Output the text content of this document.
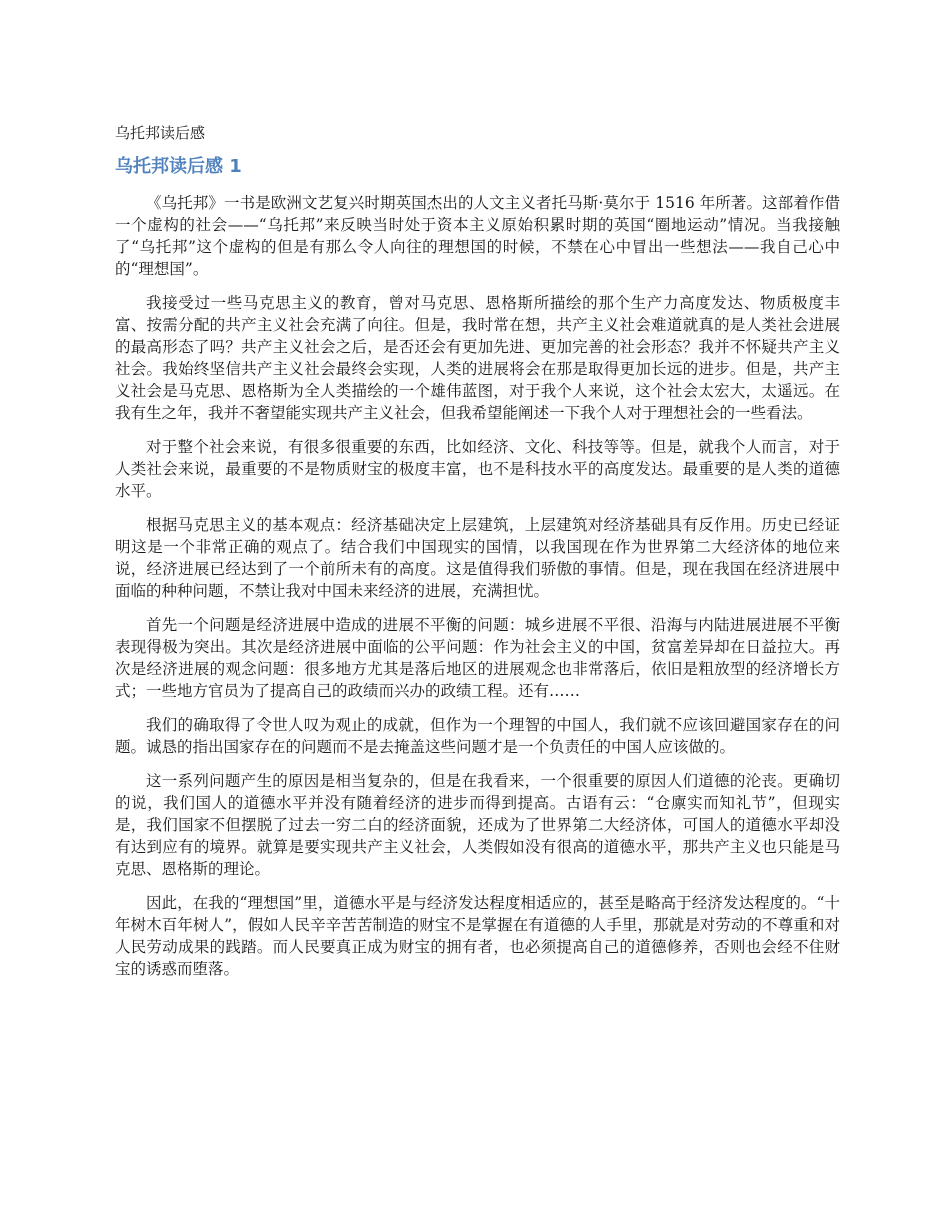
乌托邦读后感
乌托邦读后感 1

《乌托邦》一书是欧洲文艺复兴时期英国杰出的人文主义者托马斯·莫尔于 1516 年所著。这部着作借一个虚构的社会——“乌托邦”来反映当时处于资本主义原始积累时期的英国“圈地运动”情况。当我接触了“乌托邦”这个虚构的但是有那么令人向往的理想国的时候，不禁在心中冒出一些想法——我自己心中的“理想国”。

我接受过一些马克思主义的教育，曾对马克思、恩格斯所描绘的那个生产力高度发达、物质极度丰富、按需分配的共产主义社会充满了向往。但是，我时常在想，共产主义社会难道就真的是人类社会进展的最高形态了吗？共产主义社会之后，是否还会有更加先进、更加完善的社会形态？我并不怀疑共产主义社会。我始终坚信共产主义社会最终会实现，人类的进展将会在那是取得更加长远的进步。但是，共产主义社会是马克思、恩格斯为全人类描绘的一个雄伟蓝图，对于我个人来说，这个社会太宏大，太遥远。在我有生之年，我并不奢望能实现共产主义社会，但我希望能阐述一下我个人对于理想社会的一些看法。

对于整个社会来说，有很多很重要的东西，比如经济、文化、科技等等。但是，就我个人而言，对于人类社会来说，最重要的不是物质财宝的极度丰富，也不是科技水平的高度发达。最重要的是人类的道德水平。

根据马克思主义的基本观点：经济基础决定上层建筑，上层建筑对经济基础具有反作用。历史已经证明这是一个非常正确的观点了。结合我们中国现实的国情，以我国现在作为世界第二大经济体的地位来说，经济进展已经达到了一个前所未有的高度。这是值得我们骄傲的事情。但是，现在我国在经济进展中面临的种种问题，不禁让我对中国未来经济的进展，充满担忧。

首先一个问题是经济进展中造成的进展不平衡的问题：城乡进展不平很、沿海与内陆进展进展不平衡表现得极为突出。其次是经济进展中面临的公平问题：作为社会主义的中国，贫富差异却在日益拉大。再次是经济进展的观念问题：很多地方尤其是落后地区的进展观念也非常落后，依旧是粗放型的经济增长方式；一些地方官员为了提高自己的政绩而兴办的政绩工程。还有……

我们的确取得了令世人叹为观止的成就，但作为一个理智的中国人，我们就不应该回避国家存在的问题。诚恳的指出国家存在的问题而不是去掩盖这些问题才是一个负责任的中国人应该做的。

这一系列问题产生的原因是相当复杂的，但是在我看来，一个很重要的原因人们道德的沦丧。更确切的说，我们国人的道德水平并没有随着经济的进步而得到提高。古语有云：“仓廪实而知礼节”，但现实是，我们国家不但摆脱了过去一穷二白的经济面貌，还成为了世界第二大经济体，可国人的道德水平却没有达到应有的境界。就算是要实现共产主义社会，人类假如没有很高的道德水平，那共产主义也只能是马克思、恩格斯的理论。

因此，在我的“理想国”里，道德水平是与经济发达程度相适应的，甚至是略高于经济发达程度的。“十年树木百年树人”，假如人民辛辛苦苦制造的财宝不是掌握在有道德的人手里，那就是对劳动的不尊重和对人民劳动成果的践踏。而人民要真正成为财宝的拥有者，也必须提高自己的道德修养，否则也会经不住财宝的诱惑而堕落。
